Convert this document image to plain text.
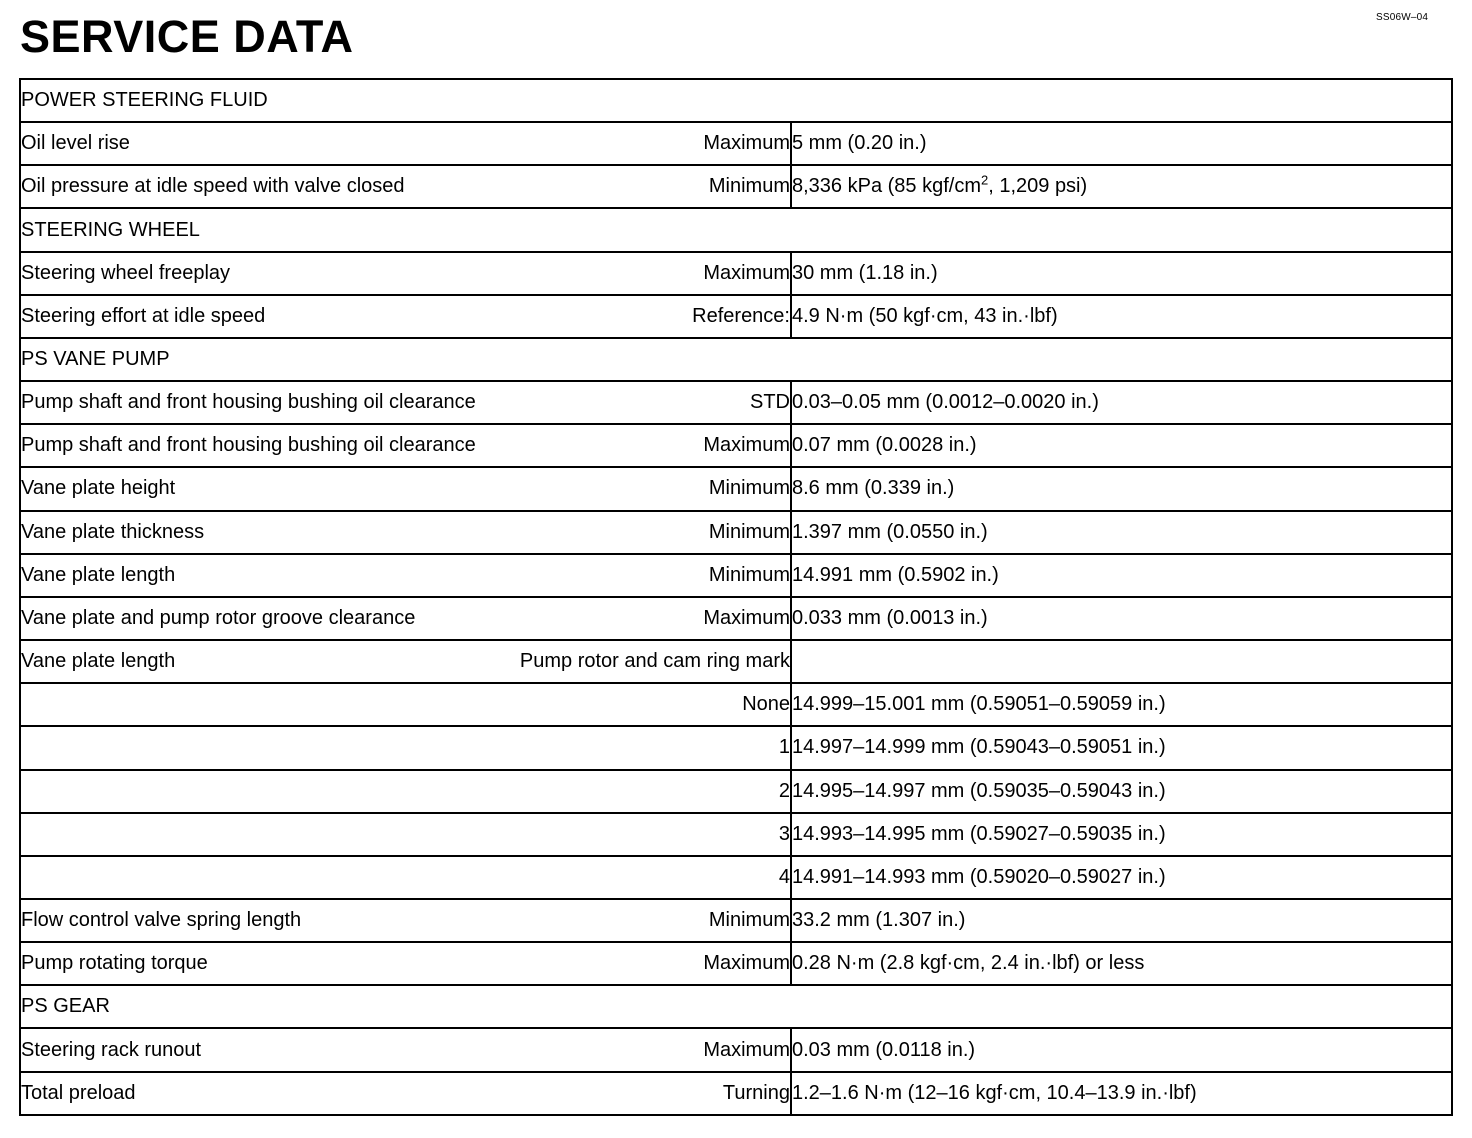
SS06W–04
SERVICE DATA
POWER STEERING FLUID	

Oil level rise Maximum	5 mm (0.20 in.)

Oil pressure at idle speed with valve closed Minimum	8,336 kPa (85 kgf/$cm^2$, 1,209 psi)
STEERING WHEEL	

Steering wheel freeplay Maximum	30 mm (1.18 in.)

Steering effort at idle speed Reference:	4.9 N·m (50 kgf·cm, 43 in.·lbf)
PS VANE PUMP	

Pump shaft and front housing bushing oil clearance STD	0.03–0.05 mm (0.0012–0.0020 in.)

Pump shaft and front housing bushing oil clearance Maximum	0.07 mm (0.0028 in.)

Vane plate height Minimum	8.6 mm (0.339 in.)

Vane plate thickness Minimum	1.397 mm (0.0550 in.)

Vane plate length Minimum	14.991 mm (0.5902 in.)

Vane plate and pump rotor groove clearance Maximum	0.033 mm (0.0013 in.)

Vane plate length Pump rotor and cam ring mark	

None	14.999–15.001 mm (0.59051–0.59059 in.)

1	14.997–14.999 mm (0.59043–0.59051 in.)

2	14.995–14.997 mm (0.59035–0.59043 in.)

3	14.993–14.995 mm (0.59027–0.59035 in.)

4	14.991–14.993 mm (0.59020–0.59027 in.)

Flow control valve spring length Minimum	33.2 mm (1.307 in.)

Pump rotating torque Maximum	0.28 N·m (2.8 kgf·cm, 2.4 in.·lbf) or less
PS GEAR	

Steering rack runout Maximum	0.03 mm (0.0118 in.)

Total preload Turning	1.2–1.6 N·m (12–16 kgf·cm, 10.4–13.9 in.·lbf)
